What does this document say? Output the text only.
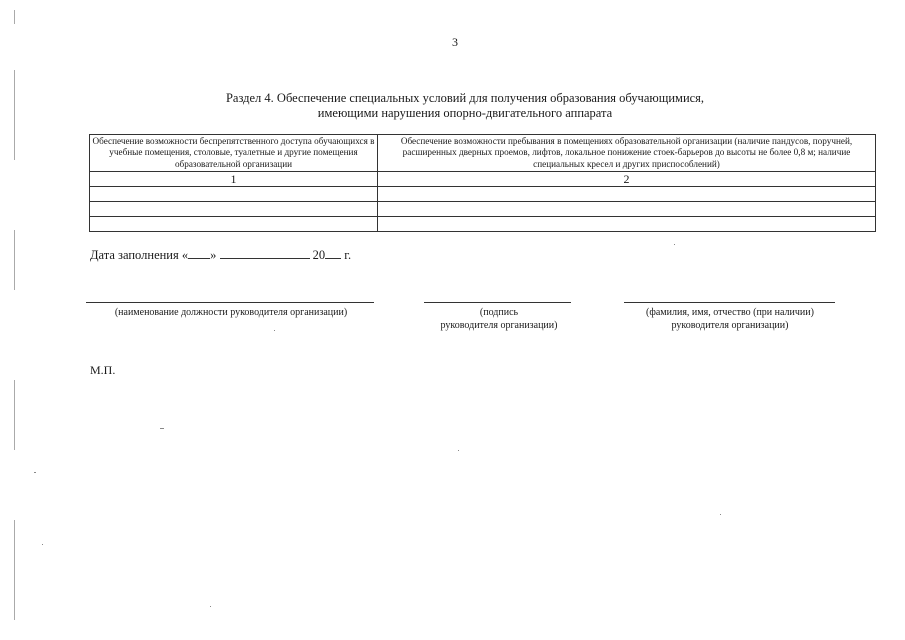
3
Раздел 4. Обеспечение специальных условий для получения образования обучающимися,
имеющими нарушения опорно-двигательного аппарата
Обеспечение возможности беспрепятственного доступа обучающихся в учебные помещения, столовые, туалетные и другие помещения образовательной организации	Обеспечение возможности пребывания в помещениях образовательной организации (наличие пандусов, поручней, расширенных дверных проемов, лифтов, локальное понижение стоек-барьеров до высоты не более 0,8 м; наличие специальных кресел и других приспособлений)
1	2

Дата заполнения « »	20 г.
(наименование должности руководителя организации)	(подпись
руководителя организации)
(фамилия, имя, отчество (при наличии)
руководителя организации)
М.П.
